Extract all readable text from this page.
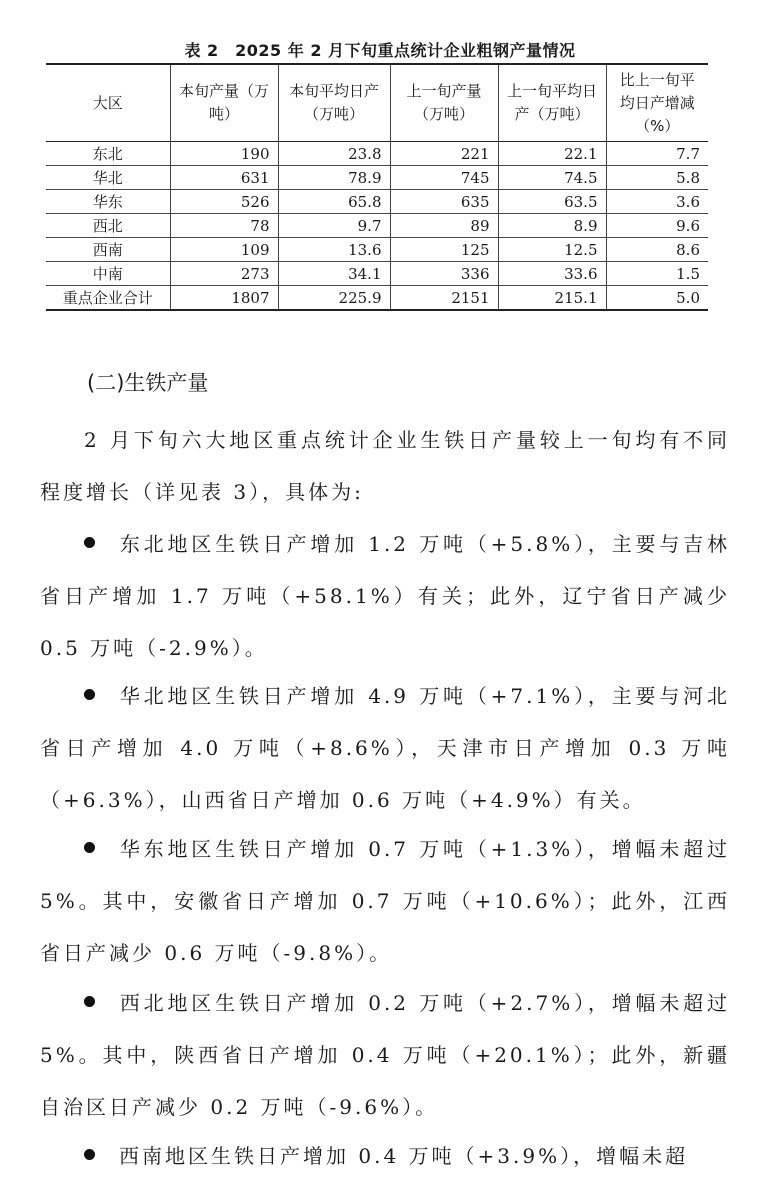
表 2　2025 年 2 月下旬重点统计企业粗钢产量情况
大区	本旬产量（万吨）	本旬平均日产（万吨）	上一旬产量（万吨）	上一旬平均日产（万吨）	比上一旬平均日产增减（%）
东北	190	23.8	221	22.1	7.7
华北	631	78.9	745	74.5	5.8
华东	526	65.8	635	63.5	3.6
西北	78	9.7	89	8.9	9.6
西南	109	13.6	125	12.5	8.6
中南	273	34.1	336	33.6	1.5
重点企业合计	1807	225.9	2151	215.1	5.0
(二)生铁产量

2 月下旬六大地区重点统计企业生铁日产量较上一旬均有不同程度增长（详见表 3），具体为:

东北地区生铁日产增加 1.2 万吨（+5.8%），主要与吉林省日产增加 1.7 万吨（+58.1%）有关；此外，辽宁省日产减少 0.5 万吨（-2.9%）。

华北地区生铁日产增加 4.9 万吨（+7.1%），主要与河北省日产增加 4.0 万吨（+8.6%），天津市日产增加 0.3 万吨（+6.3%），山西省日产增加 0.6 万吨（+4.9%）有关。

华东地区生铁日产增加 0.7 万吨（+1.3%），增幅未超过 5%。其中，安徽省日产增加 0.7 万吨（+10.6%）；此外，江西省日产减少 0.6 万吨（-9.8%）。

西北地区生铁日产增加 0.2 万吨（+2.7%），增幅未超过 5%。其中，陕西省日产增加 0.4 万吨（+20.1%）；此外，新疆自治区日产减少 0.2 万吨（-9.6%）。

西南地区生铁日产增加 0.4 万吨（+3.9%），增幅未超
